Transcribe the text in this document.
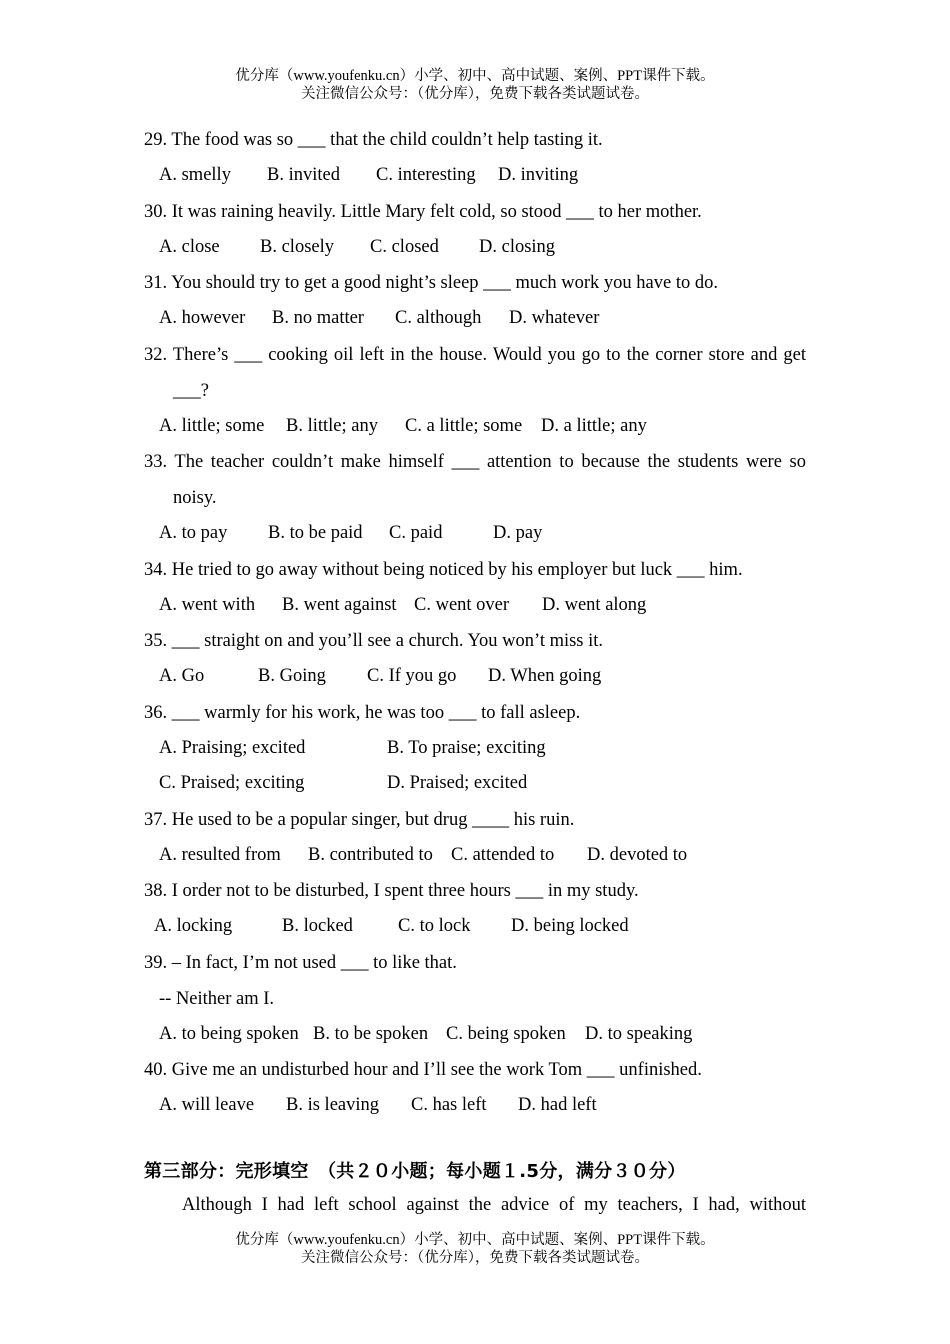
优分库（www.youfenku.cn）小学、初中、高中试题、案例、PPT课件下载。
关注微信公众号：（优分库），免费下载各类试题试卷。

29. The food was so ___ that the child couldn’t help tasting it.

A. smelly	B. invited	C. interesting	D. inviting

30. It was raining heavily. Little Mary felt cold, so stood ___ to her mother.

A. close	B. closely	C. closed	D. closing

31. You should try to get a good night’s sleep ___ much work you have to do.

A. however	B. no matter	C. although	D. whatever

32. There’s ___ cooking oil left in the house. Would you go to the corner store and get ___?

A. little; some	B. little; any	C. a little; some	D. a little; any

33. The teacher couldn’t make himself ___ attention to because the students were so noisy.

A. to pay	B. to be paid	C. paid	D. pay

34. He tried to go away without being noticed by his employer but luck ___ him.

A. went with	B. went against C. went over	D. went along

35. ___ straight on and you’ll see a church. You won’t miss it.

A. Go	B. Going	C. If you go	D. When going

36. ___ warmly for his work, he was too ___ to fall asleep.

A. Praising; excited	B. To praise; exciting
C. Praised; exciting	D. Praised; excited

37. He used to be a popular singer, but drug ____ his ruin.

A. resulted from	B. contributed to C. attended to	D. devoted to

38. I order not to be disturbed, I spent three hours ___ in my study.

A. locking	B. locked	C. to lock	D. being locked

39. – In fact, I’m not used ___ to like that.

-- Neither am I.

A. to being spoken B. to be spoken C. being spoken	D. to speaking

40. Give me an undisturbed hour and I’ll see the work Tom ___ unfinished.

A. will leave	B. is leaving	C. has left	D. had left
第三部分：完形填空　（共２０小题；每小题１.5分，满分３０分）
Although I had left school against the advice of my teachers, I had, without
优分库（www.youfenku.cn）小学、初中、高中试题、案例、PPT课件下载。
关注微信公众号：（优分库），免费下载各类试题试卷。
